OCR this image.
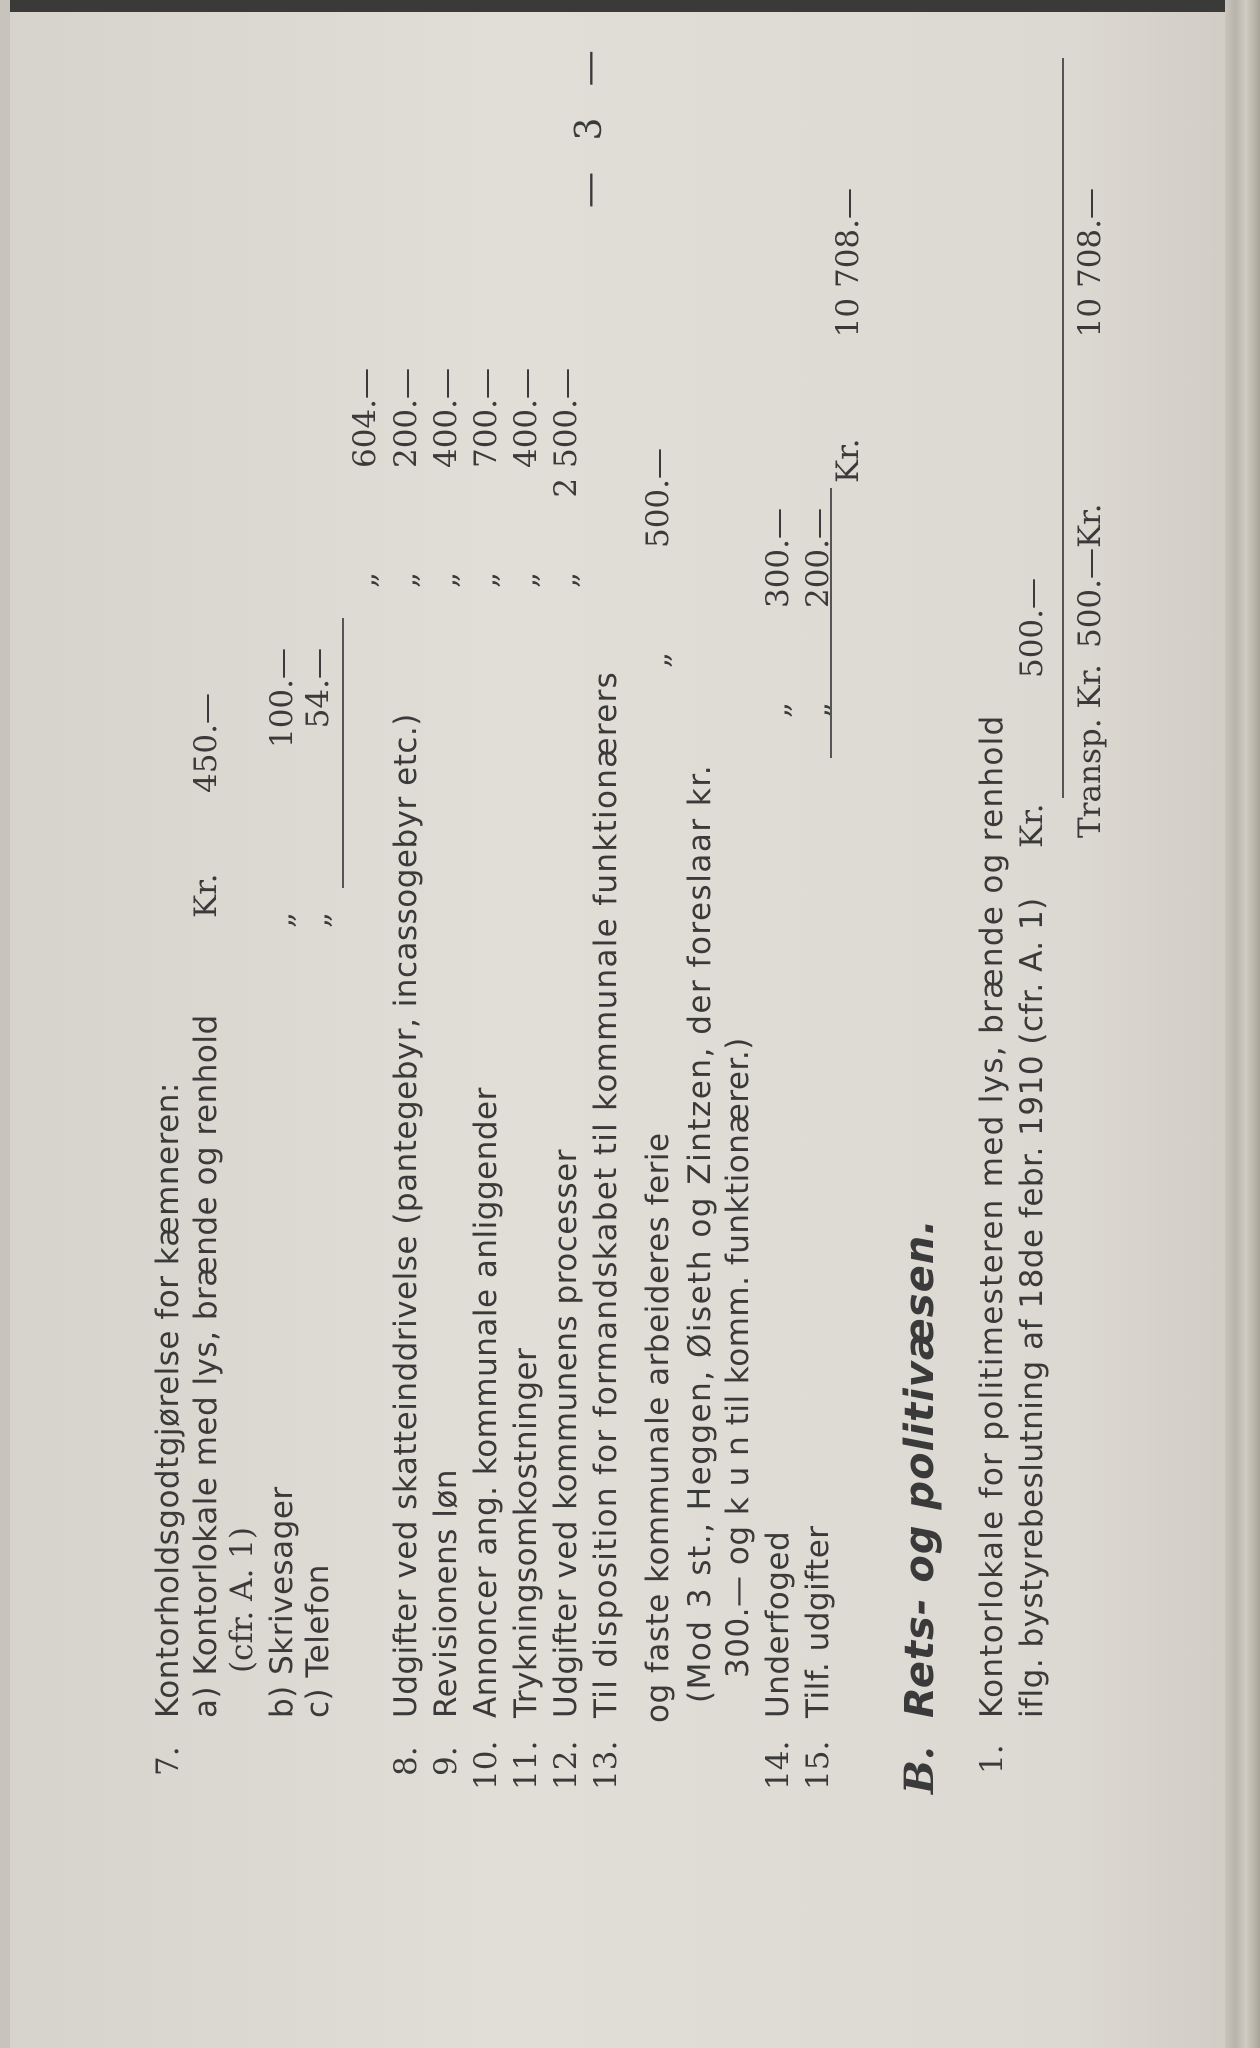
7.
Kontorholdsgodtgjørelse for kæmneren: a) Kontorlokale med lys, brænde og renhold
Kr.
450.—
(cfr. A. 1) b) Skrivesager
„
100.—
c) Telefon
„
54.—
„
604.—
8.
Udgifter ved skatteinddrivelse (pantegebyr, incassogebyr etc.)
„
200.—
9.
Revisionens løn
„
400.—
10.
Annoncer ang. kommunale anliggender
„
700.—
11.
Trykningsomkostninger
„
400.—
12.
Udgifter ved kommunens processer
„
2 500.—
13.
Til disposition for formandskabet til kommunale funktionærers og faste kommunale arbeideres ferie
„
500.—
(Mod 3 st., Heggen, Øiseth og Zintzen, der foreslaar kr. 300.— og k u n til komm. funktionærer.)
14.
Underfoged
„
300.—
15.
Tilf. udgifter
„
200.—
Kr.
10 708.—
B.
Rets- og politivæsen.
1.
Kontorlokale for politimesteren med lys, brænde og renhold iflg. bystyrebeslutning af 18de febr. 1910 (cfr. A. 1)
Kr.
500.—
Transp. Kr.
500.—
Kr.
10 708.—
— 3 —
